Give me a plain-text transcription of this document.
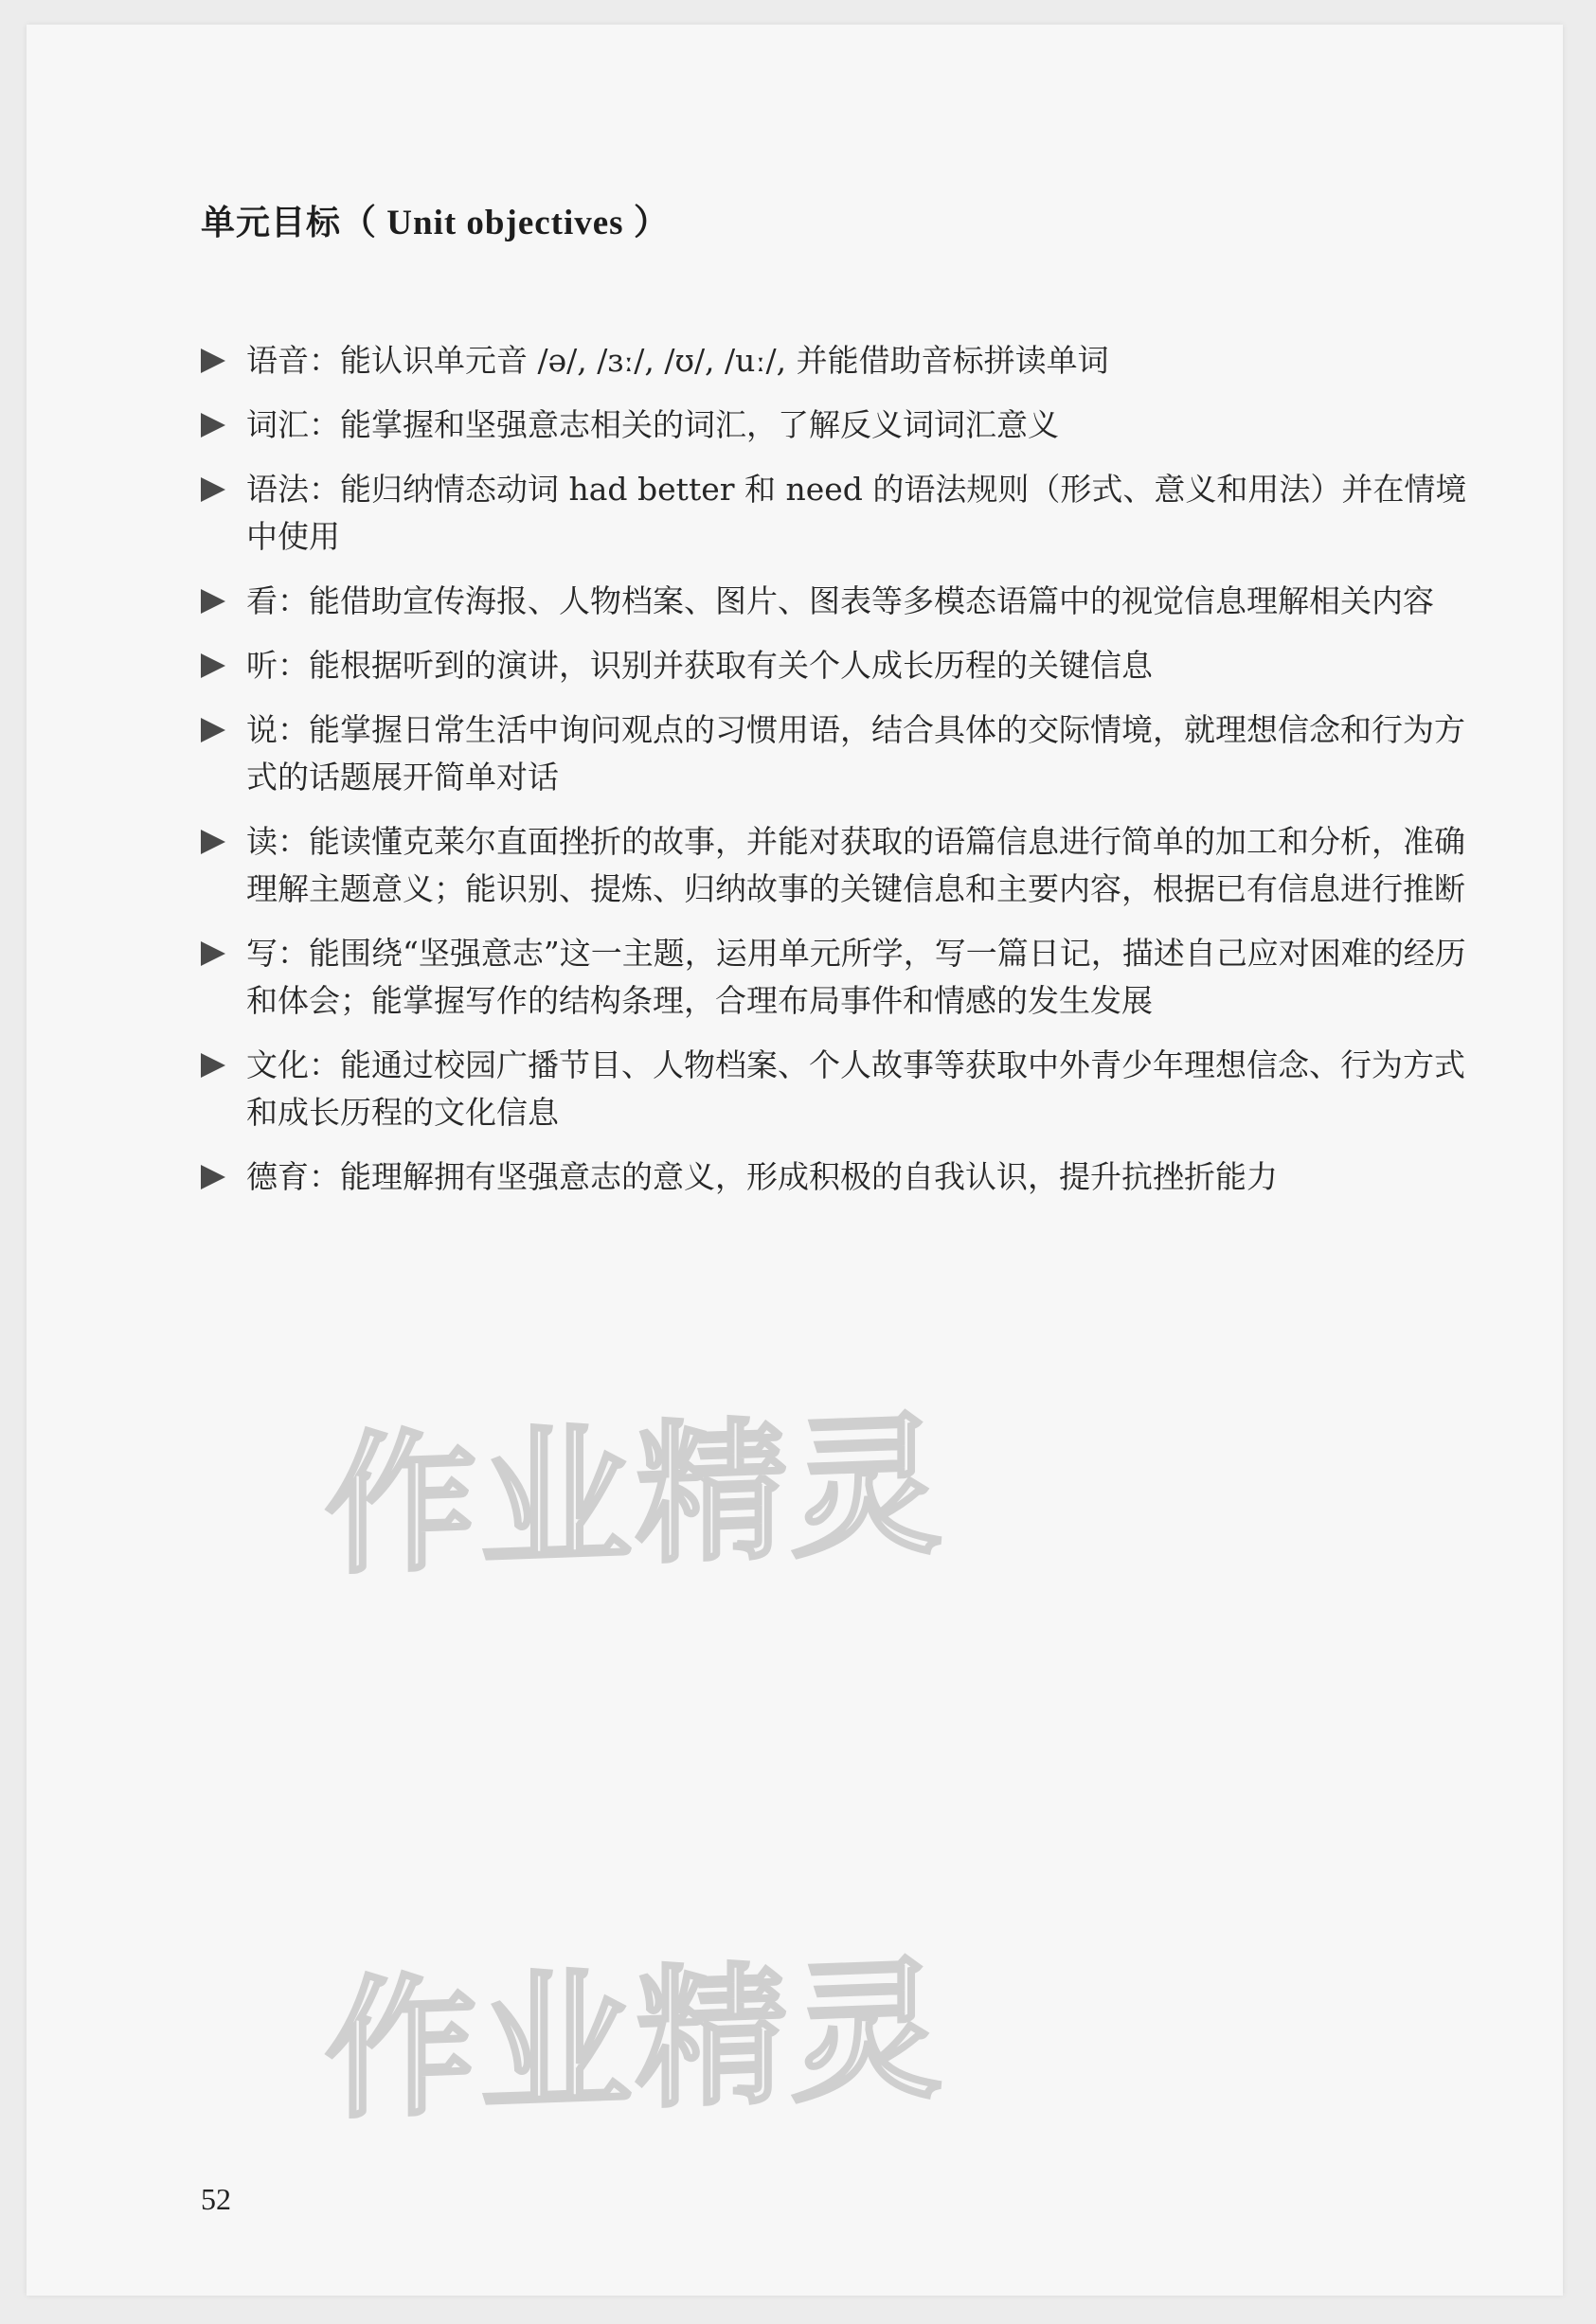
单元目标（ Unit objectives ）
语音：能认识单元音 /ə/, /ɜː/, /ʊ/, /uː/, 并能借助音标拼读单词
词汇：能掌握和坚强意志相关的词汇，了解反义词词汇意义
语法：能归纳情态动词 had better 和 need 的语法规则（形式、意义和用法）并在情境中使用
看：能借助宣传海报、人物档案、图片、图表等多模态语篇中的视觉信息理解相关内容
听：能根据听到的演讲，识别并获取有关个人成长历程的关键信息
说：能掌握日常生活中询问观点的习惯用语，结合具体的交际情境，就理想信念和行为方式的话题展开简单对话
读：能读懂克莱尔直面挫折的故事，并能对获取的语篇信息进行简单的加工和分析，准确理解主题意义；能识别、提炼、归纳故事的关键信息和主要内容，根据已有信息进行推断
写：能围绕“坚强意志”这一主题，运用单元所学，写一篇日记，描述自己应对困难的经历和体会；能掌握写作的结构条理，合理布局事件和情感的发生发展
文化：能通过校园广播节目、人物档案、个人故事等获取中外青少年理想信念、行为方式和成长历程的文化信息
德育：能理解拥有坚强意志的意义，形成积极的自我认识，提升抗挫折能力
作业精灵
作业精灵
52
